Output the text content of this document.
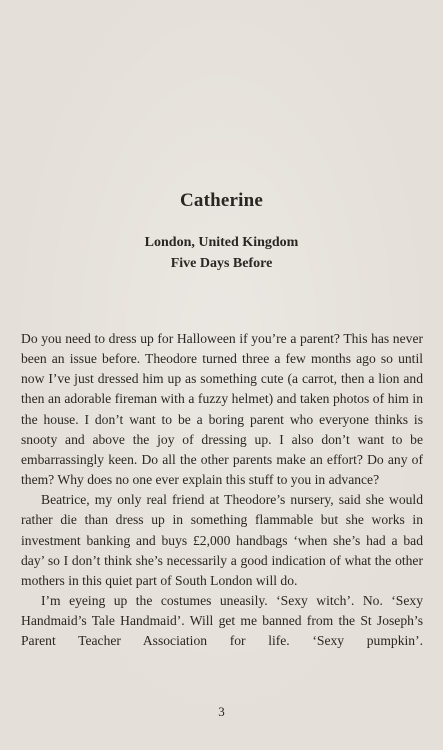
Catherine
London, United Kingdom
Five Days Before

Do you need to dress up for Halloween if you’re a parent? This has never been an issue before. Theodore turned three a few months ago so until now I’ve just dressed him up as something cute (a carrot, then a lion and then an adorable fireman with a fuzzy helmet) and taken photos of him in the house. I don’t want to be a boring parent who everyone thinks is snooty and above the joy of dressing up. I also don’t want to be embarrassingly keen. Do all the other parents make an effort? Do any of them? Why does no one ever explain this stuff to you in advance?

Beatrice, my only real friend at Theodore’s nursery, said she would rather die than dress up in something flammable but she works in investment banking and buys £2,000 handbags ‘when she’s had a bad day’ so I don’t think she’s necessarily a good indication of what the other mothers in this quiet part of South London will do.

I’m eyeing up the costumes uneasily. ‘Sexy witch’. No. ‘Sexy Handmaid’s Tale Handmaid’. Will get me banned from the St Joseph’s Parent Teacher Association for life. ‘Sexy pumpkin’.

3
